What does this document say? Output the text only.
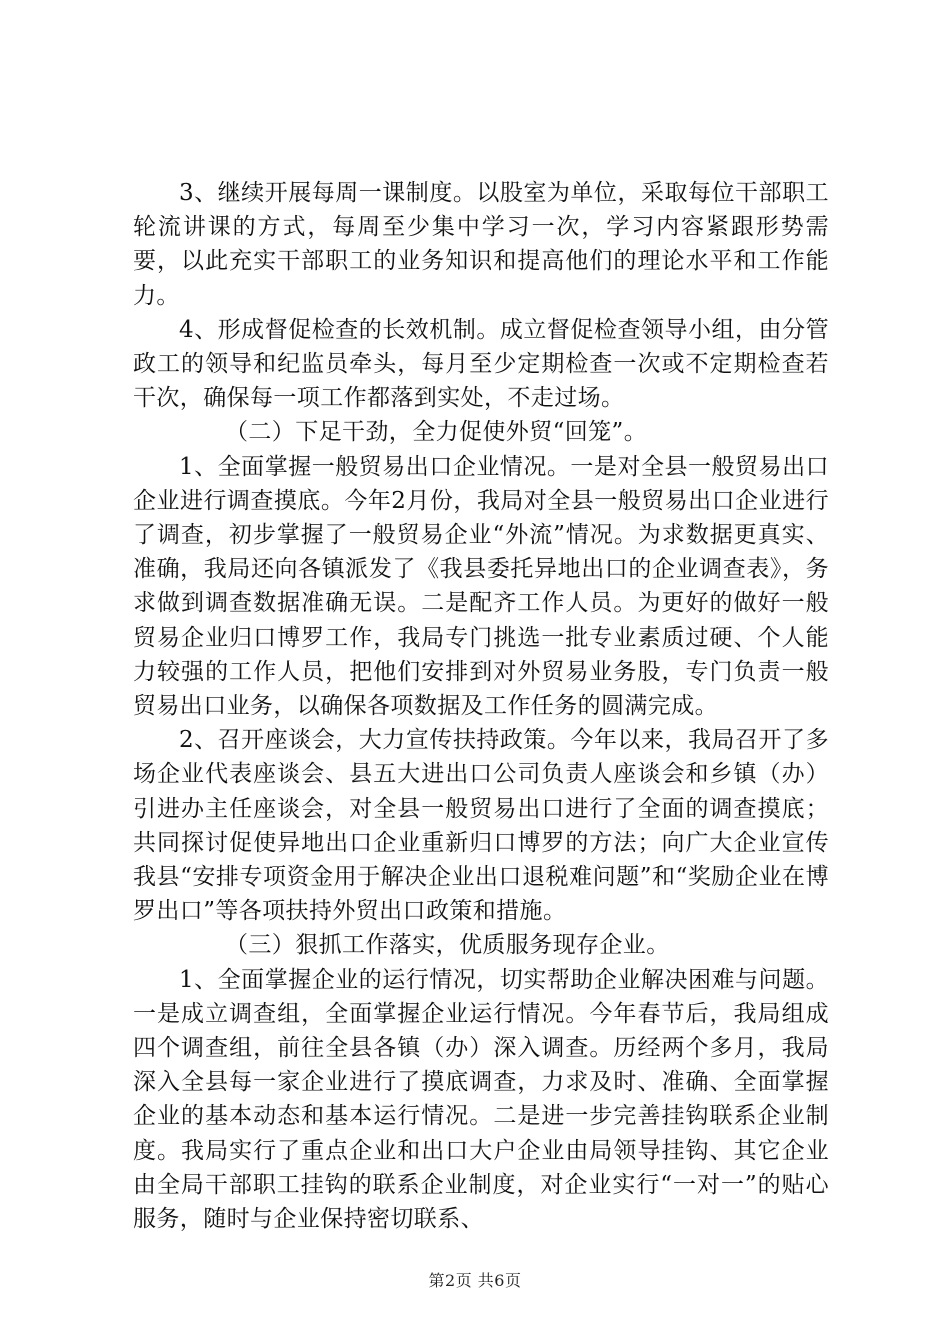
3、继续开展每周一课制度。以股室为单位，采取每位干部职工轮流讲课的方式，每周至少集中学习一次，学习内容紧跟形势需要，以此充实干部职工的业务知识和提高他们的理论水平和工作能力。

4、形成督促检查的长效机制。成立督促检查领导小组，由分管政工的领导和纪监员牵头，每月至少定期检查一次或不定期检查若干次，确保每一项工作都落到实处，不走过场。

（二）下足干劲，全力促使外贸“回笼”。

1、全面掌握一般贸易出口企业情况。一是对全县一般贸易出口企业进行调查摸底。今年2月份，我局对全县一般贸易出口企业进行了调查，初步掌握了一般贸易企业“外流”情况。为求数据更真实、准确，我局还向各镇派发了《我县委托异地出口的企业调查表》，务求做到调查数据准确无误。二是配齐工作人员。为更好的做好一般贸易企业归口博罗工作，我局专门挑选一批专业素质过硬、个人能力较强的工作人员，把他们安排到对外贸易业务股，专门负责一般贸易出口业务，以确保各项数据及工作任务的圆满完成。

2、召开座谈会，大力宣传扶持政策。今年以来，我局召开了多场企业代表座谈会、县五大进出口公司负责人座谈会和乡镇（办）引进办主任座谈会，对全县一般贸易出口进行了全面的调查摸底；共同探讨促使异地出口企业重新归口博罗的方法；向广大企业宣传我县“安排专项资金用于解决企业出口退税难问题”和“奖励企业在博罗出口”等各项扶持外贸出口政策和措施。

（三）狠抓工作落实，优质服务现存企业。

1、全面掌握企业的运行情况，切实帮助企业解决困难与问题。一是成立调查组，全面掌握企业运行情况。今年春节后，我局组成四个调查组，前往全县各镇（办）深入调查。历经两个多月，我局深入全县每一家企业进行了摸底调查，力求及时、准确、全面掌握企业的基本动态和基本运行情况。二是进一步完善挂钩联系企业制度。我局实行了重点企业和出口大户企业由局领导挂钩、其它企业由全局干部职工挂钩的联系企业制度，对企业实行“一对一”的贴心服务，随时与企业保持密切联系、

第2页 共6页
